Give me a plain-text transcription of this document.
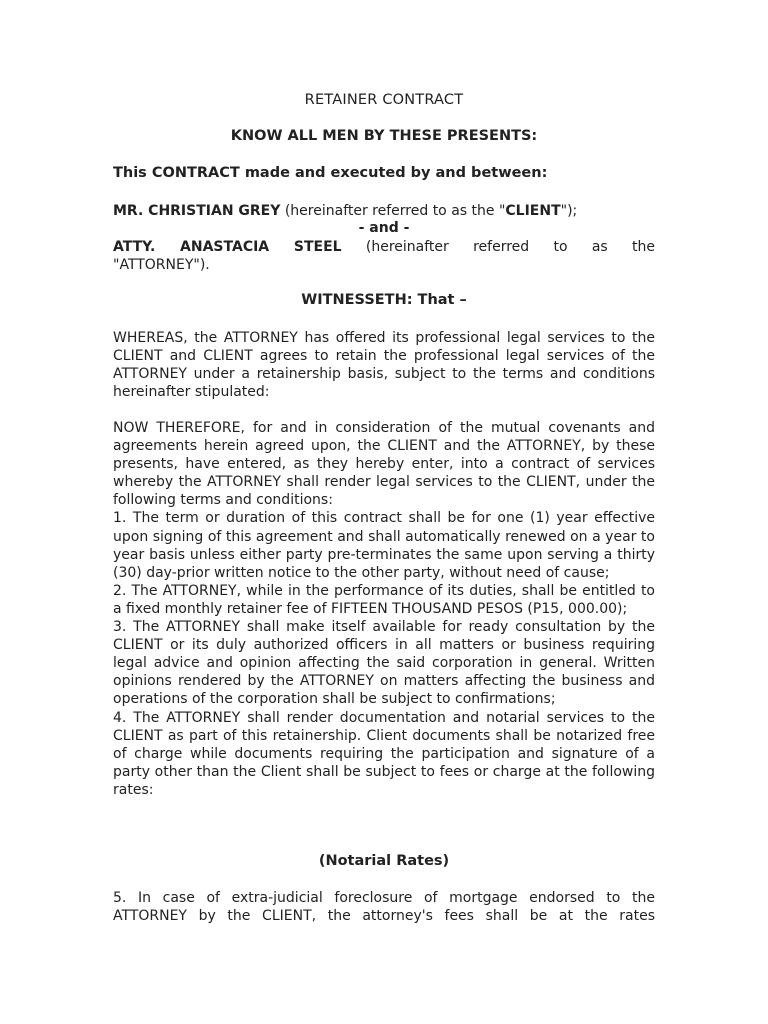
RETAINER CONTRACT
KNOW ALL MEN BY THESE PRESENTS:
This CONTRACT made and executed by and between:
MR. CHRISTIAN GREY (hereinafter referred to as the "CLIENT");
- and -
ATTY. ANASTACIA STEEL (hereinafter referred to as the
"ATTORNEY").
WITNESSETH: That –

WHEREAS, the ATTORNEY has offered its professional legal services to the CLIENT and CLIENT agrees to retain the professional legal services of the ATTORNEY under a retainership basis, subject to the terms and conditions hereinafter stipulated:

NOW THEREFORE, for and in consideration of the mutual covenants and agreements herein agreed upon, the CLIENT and the ATTORNEY, by these presents, have entered, as they hereby enter, into a contract of services whereby the ATTORNEY shall render legal services to the CLIENT, under the following terms and conditions:

1. The term or duration of this contract shall be for one (1) year effective upon signing of this agreement and shall automatically renewed on a year to year basis unless either party pre-terminates the same upon serving a thirty (30) day-prior written notice to the other party, without need of cause;

2. The ATTORNEY, while in the performance of its duties, shall be entitled to a fixed monthly retainer fee of FIFTEEN THOUSAND PESOS (P15, 000.00);

3. The ATTORNEY shall make itself available for ready consultation by the CLIENT or its duly authorized officers in all matters or business requiring legal advice and opinion affecting the said corporation in general. Written opinions rendered by the ATTORNEY on matters affecting the business and operations of the corporation shall be subject to confirmations;

4. The ATTORNEY shall render documentation and notarial services to the CLIENT as part of this retainership. Client documents shall be notarized free of charge while documents requiring the participation and signature of a party other than the Client shall be subject to fees or charge at the following rates:

(Notarial Rates)
5. In case of extra-judicial foreclosure of mortgage endorsed to the ATTORNEY by the CLIENT, the attorney's fees shall be at the rates
